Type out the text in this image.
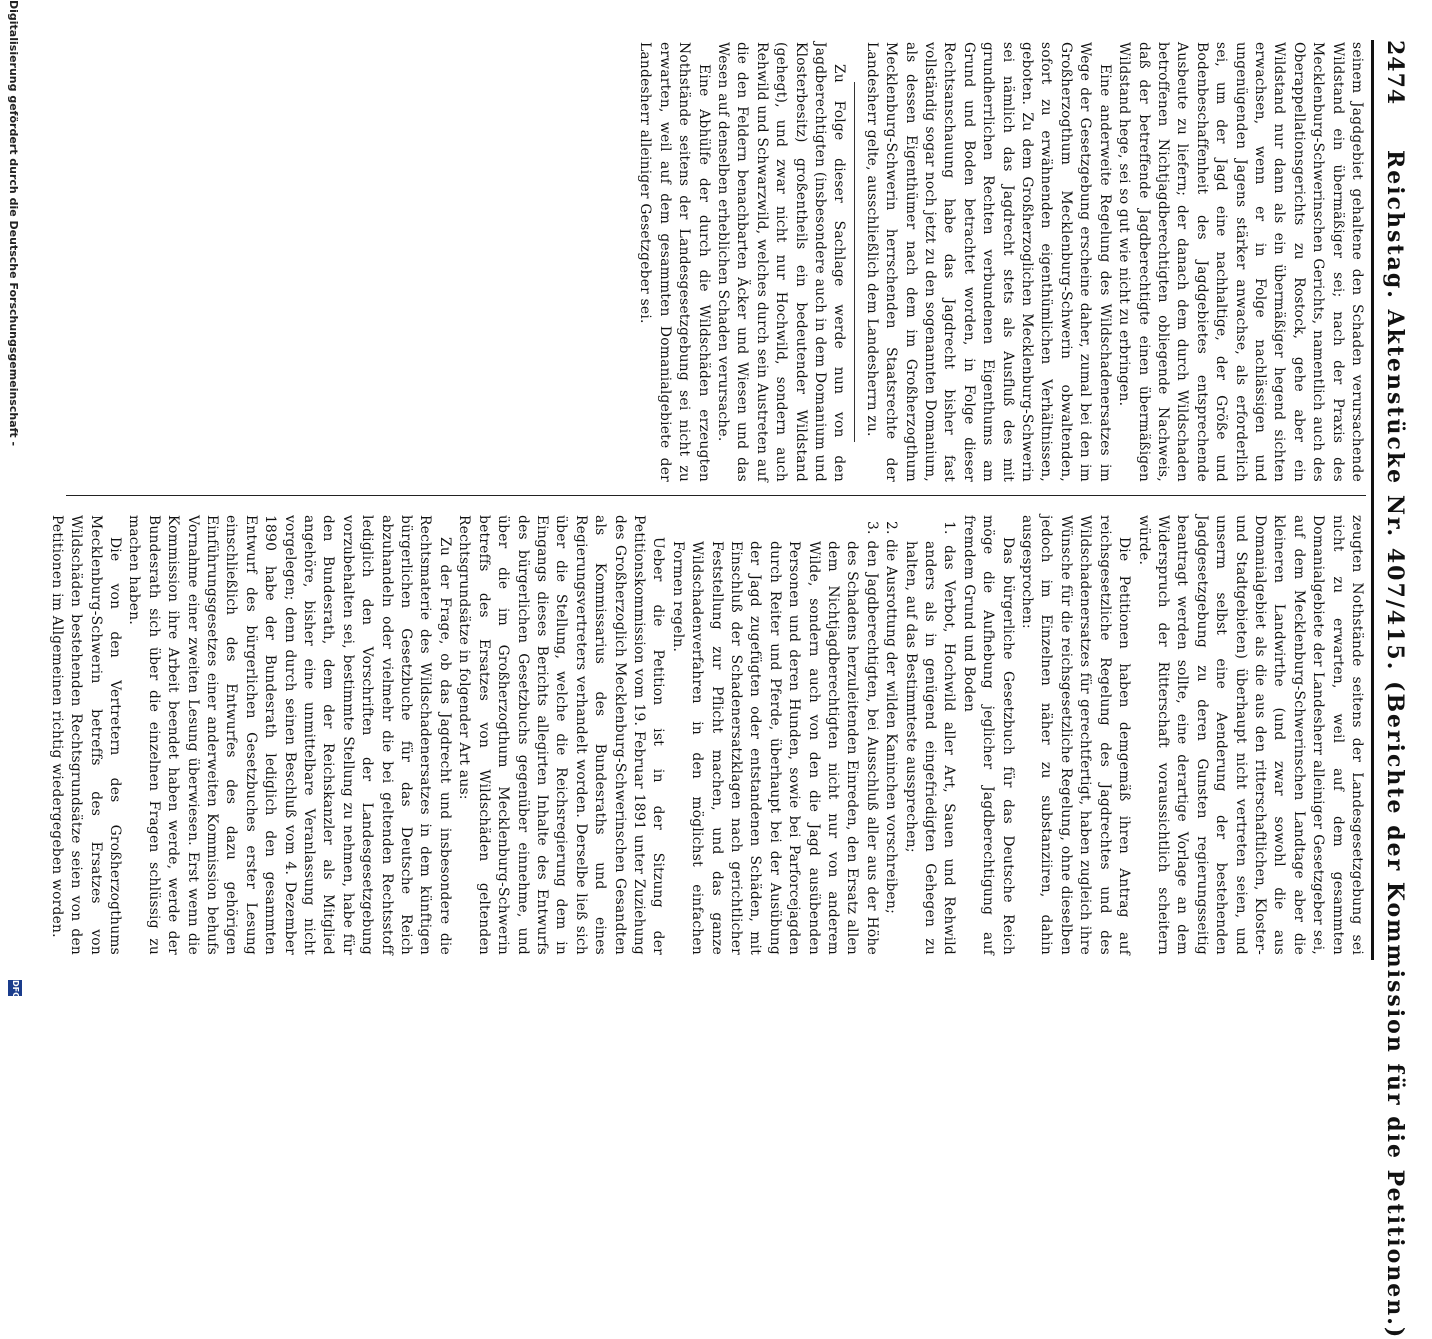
2474
Reichstag. Aktenstücke Nr. 407/415. (Berichte der Kommission für die Petitionen.)

seinem Jagdgebiet gehaltene den Schaden verursachende Wildstand ein übermäßiger sei; nach der Praxis des Mecklenburg-Schwerinschen Gerichts, namentlich auch des Oberappellationsgerichts zu Rostock, gehe aber ein Wildstand nur dann als ein übermäßiger hegend sichten erwachsen, wenn er in Folge nachlässigen und ungenügenden Jagens stärker anwachse, als erforderlich sei, um der Jagd eine nachhaltige, der Größe und Bodenbeschaffenheit des Jagdgebietes entsprechende Ausbeute zu liefern; der danach dem durch Wildschaden betroffenen Nichtjagdberechtigten obliegende Nachweis, daß der betreffende Jagdberechtigte einen übermäßigen Wildstand hege, sei so gut wie nicht zu erbringen.

Eine anderweite Regelung des Wildschadenersatzes im Wege der Gesetzgebung erscheine daher, zumal bei den im Großherzogthum Mecklenburg-Schwerin obwaltenden, sofort zu erwähnenden eigenthümlichen Verhältnissen, geboten. Zu dem Großherzoglichen Mecklenburg-Schwerin sei nämlich das Jagdrecht stets als Ausfluß des mit grundherrlichen Rechten verbundenen Eigenthums am Grund und Boden betrachtet worden, in Folge dieser Rechtsanschauung habe das Jagdrecht bisher fast vollständig sogar noch jetzt zu den sogenannten Domanium, als dessen Eigenthümer nach dem im Großherzogthum Mecklenburg-Schwerin herrschenden Staatsrechte der Landesherr gelte, ausschließlich dem Landesherrn zu.

Zu Folge dieser Sachlage werde nun von den Jagdberechtigten (insbesondere auch in dem Domanium und Klosterbesitz) großentheils ein bedeutender Wildstand (gehegt), und zwar nicht nur Hochwild, sondern auch Rehwild und Schwarzwild, welches durch sein Austreten auf die den Feldern benachbarten Äcker und Wiesen und das Wesen auf denselben erheblichen Schaden verursache.

Eine Abhülfe der durch die Wildschäden erzeugten Nothstände seitens der Landesgesetzgebung sei nicht zu erwarten, weil auf dem gesammten Domanialgebiete der Landesherr alleiniger Gesetzgeber sei.

zeugten Nothstände seitens der Landesgesetzgebung sei nicht zu erwarten, weil auf dem gesammten Domanialgebiete der Landesherr alleiniger Gesetzgeber sei, auf dem Mecklenburg-Schwerinschen Landtage aber die kleineren Landwirthe (und zwar sowohl die aus Domanialgebiet als die aus den ritterschaftlichen, Kloster- und Stadtgebieten) überhaupt nicht vertreten seien, und unserm selbst eine Aenderung der bestehenden Jagdgesetzgebung zu deren Gunsten regierungsseitig beantragt werden sollte, eine derartige Vorlage an dem Widerspruch der Ritterschaft voraussichtlich scheitern würde.

Die Petitionen haben demgemäß ihren Antrag auf reichsgesetzliche Regelung des Jagdrechtes und des Wildschadenersatzes für gerechtfertigt, haben zugleich ihre Wünsche für die reichsgesetzliche Regelung, ohne dieselben jedoch im Einzelnen näher zu substanziiren, dahin ausgesprochen:

Das bürgerliche Gesetzbuch für das Deutsche Reich möge die Aufhebung jeglicher Jagdberechtigung auf fremdem Grund und Boden

1. das Verbot, Hochwild aller Art, Sauen und Rehwild anders als in genügend eingefriedigten Gehegen zu halten, auf das Bestimmteste aussprechen;

2. die Ausrottung der wilden Kaninchen vorschreiben;

3. den Jagdberechtigten, bei Ausschluß aller aus der Höhe des Schadens herzuleitenden Einreden, den Ersatz allen dem Nichtjagdberechtigten nicht nur von anderem Wilde, sondern auch von den die Jagd ausübenden Personen und deren Hunden, sowie bei Parforcejagden durch Reiter und Pferde, überhaupt bei der Ausübung der Jagd zugefügten oder entstandenen Schäden, mit Einschluß der Schadenersatzklagen nach gerichtlicher Feststellung zur Pflicht machen, und das ganze Wildschadenverfahren in den möglichst einfachen Formen regeln.

Ueber die Petition ist in der Sitzung der Petitionskommission vom 19. Februar 1891 unter Zuziehung des Großherzoglich Mecklenburg-Schwerinschen Gesandten als Kommissarius des Bundesraths und eines Regierungsvertreters verhandelt worden. Derselbe ließ sich über die Stellung, welche die Reichsregierung dem in Eingangs dieses Berichts allegirten Inhalte des Entwurfs des bürgerlichen Gesetzbuchs gegenüber einnehme, und über die im Großherzogthum Mecklenburg-Schwerin betreffs des Ersatzes von Wildschäden geltenden Rechtsgrundsätze in folgender Art aus:

Zu der Frage, ob das Jagdrecht und insbesondere die Rechtsmaterie des Wildschadenersatzes in dem künftigen bürgerlichen Gesetzbuche für das Deutsche Reich abzuhandeln oder vielmehr die bei geltenden Rechtsstoff lediglich den Vorschriften der Landesgesetzgebung vorzubehalten sei, bestimmte Stellung zu nehmen, habe für den Bundesrath, dem der Reichskanzler als Mitglied angehöre, bisher eine unmittelbare Veranlassung nicht vorgelegen; denn durch seinen Beschluß vom 4. Dezember 1890 habe der Bundesrath lediglich den gesammten Entwurf des bürgerlichen Gesetzbuches erster Lesung einschließlich des Entwurfes des dazu gehörigen Einführungsgesetzes einer anderweiten Kommission behufs Vornahme einer zweiten Lesung überwiesen. Erst wenn die Kommission ihre Arbeit beendet haben werde, werde der Bundesrath sich über die einzelnen Fragen schlüssig zu machen haben.

Die von den Vertretern des Großherzogthums Mecklenburg-Schwerin betreffs des Ersatzes von Wildschäden bestehenden Rechtsgrundsätze seien von den Petitionen im Allgemeinen richtig wiedergegeben worden.

Digitalisierung gefördert durch die Deutsche Forschungsgemeinschaft -
DFG
